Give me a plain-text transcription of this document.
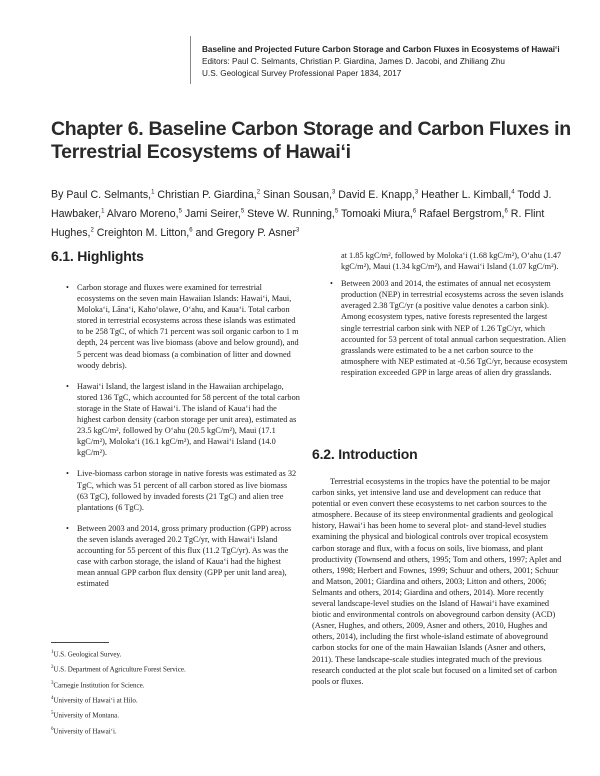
Baseline and Projected Future Carbon Storage and Carbon Fluxes in Ecosystems of Hawai‘i
Editors: Paul C. Selmants, Christian P. Giardina, James D. Jacobi, and Zhiliang Zhu
U.S. Geological Survey Professional Paper 1834, 2017
Chapter 6. Baseline Carbon Storage and Carbon Fluxes in Terrestrial Ecosystems of Hawai‘i
By Paul C. Selmants,$^1$ Christian P. Giardina,$^2$ Sinan Sousan,$^3$ David E. Knapp,$^3$ Heather L. Kimball,$^4$ Todd J. Hawbaker,$^1$ Alvaro Moreno,$^5$ Jami Seirer,$^5$ Steve W. Running,$^5$ Tomoaki Miura,$^6$ Rafael Bergstrom,$^6$ R. Flint Hughes,$^2$ Creighton M. Litton,$^6$ and Gregory P. Asner$^3$
6.1. Highlights
• Carbon storage and fluxes were examined for terrestrial ecosystems on the seven main Hawaiian Islands: Hawai‘i, Maui, Moloka‘i, Lāna‘i, Kaho‘olawe, O‘ahu, and Kaua‘i. Total carbon stored in terrestrial ecosystems across these islands was estimated to be 258 TgC, of which 71 percent was soil organic carbon to 1 m depth, 24 percent was live biomass (above and below ground), and 5 percent was dead biomass (a combination of litter and downed woody debris).
• Hawai‘i Island, the largest island in the Hawaiian archipelago, stored 136 TgC, which accounted for 58 percent of the total carbon storage in the State of Hawai‘i. The island of Kaua‘i had the highest carbon density (carbon storage per unit area), estimated as 23.5 kgC/m², followed by O‘ahu (20.5 kgC/m²), Maui (17.1 kgC/m²), Moloka‘i (16.1 kgC/m²), and Hawai‘i Island (14.0 kgC/m²).
• Live-biomass carbon storage in native forests was estimated as 32 TgC, which was 51 percent of all carbon stored as live biomass (63 TgC), followed by invaded forests (21 TgC) and alien tree plantations (6 TgC).
• Between 2003 and 2014, gross primary production (GPP) across the seven islands averaged 20.2 TgC/yr, with Hawai‘i Island accounting for 55 percent of this flux (11.2 TgC/yr). As was the case with carbon storage, the island of Kaua‘i had the highest mean annual GPP carbon flux density (GPP per unit land area), estimated
$^1$U.S. Geological Survey.
$^2$U.S. Department of Agriculture Forest Service.
$^3$Carnegie Institution for Science.
$^4$University of Hawai‘i at Hilo.
$^5$University of Montana.
$^6$University of Hawai‘i.
at 1.85 kgC/m², followed by Moloka‘i (1.68 kgC/m²), O‘ahu (1.47 kgC/m²), Maui (1.34 kgC/m²), and Hawai‘i Island (1.07 kgC/m²).
• Between 2003 and 2014, the estimates of annual net ecosystem production (NEP) in terrestrial ecosystems across the seven islands averaged 2.38 TgC/yr (a positive value denotes a carbon sink). Among ecosystem types, native forests represented the largest single terrestrial carbon sink with NEP of 1.26 TgC/yr, which accounted for 53 percent of total annual carbon sequestration. Alien grasslands were estimated to be a net carbon source to the atmosphere with NEP estimated at -0.56 TgC/yr, because ecosystem respiration exceeded GPP in large areas of alien dry grasslands.
6.2. Introduction

Terrestrial ecosystems in the tropics have the potential to be major carbon sinks, yet intensive land use and development can reduce that potential or even convert these ecosystems to net carbon sources to the atmosphere. Because of its steep environmental gradients and geological history, Hawai‘i has been home to several plot- and stand-level studies examining the physical and biological controls over tropical ecosystem carbon storage and flux, with a focus on soils, live biomass, and plant productivity (Townsend and others, 1995; Tom and others, 1997; Aplet and others, 1998; Herbert and Fownes, 1999; Schuur and others, 2001; Schuur and Matson, 2001; Giardina and others, 2003; Litton and others, 2006; Selmants and others, 2014; Giardina and others, 2014). More recently several landscape-level studies on the Island of Hawai‘i have examined biotic and environmental controls on aboveground carbon density (ACD) (Asner, Hughes, and others, 2009, Asner and others, 2010, Hughes and others, 2014), including the first whole-island estimate of aboveground carbon stocks for one of the main Hawaiian Islands (Asner and others, 2011). These landscape-scale studies integrated much of the previous research conducted at the plot scale but focused on a limited set of carbon pools or fluxes.
